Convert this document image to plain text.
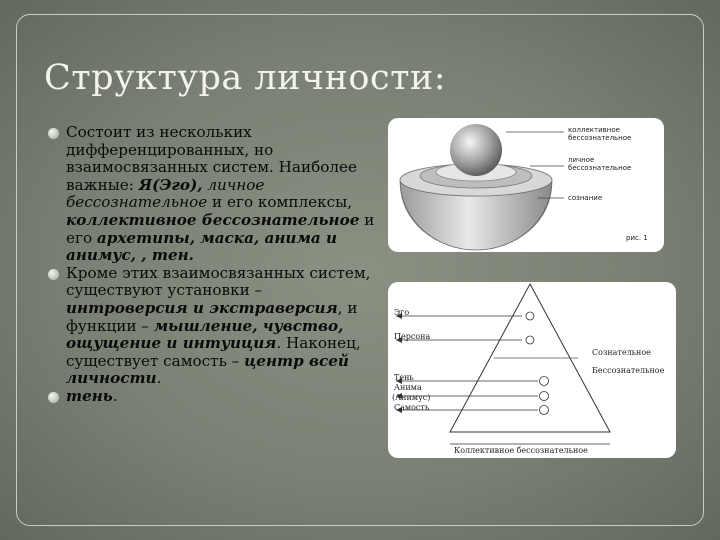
Структура личности:
Состоит из нескольких дифференцированных, но взаимосвязанных систем. Наиболее важные: Я(Эго), личное бессознательное и его комплексы, коллективное бессознательное и его архетипы, маска, анима и анимус, , тен.
Кроме этих взаимосвязанных систем, существуют установки – интроверсия и экстраверсия, и функции – мышление, чувство, ощущение и интуиция. Наконец, существует самость – центр всей личности.
тень.
коллективное бессознательное
личное бессознательное
сознание
рис. 1
Эго
Персона
Тень
Анима
(Анимус)
Самость
Сознательное
Бессознательное
Коллективное бессознательное
